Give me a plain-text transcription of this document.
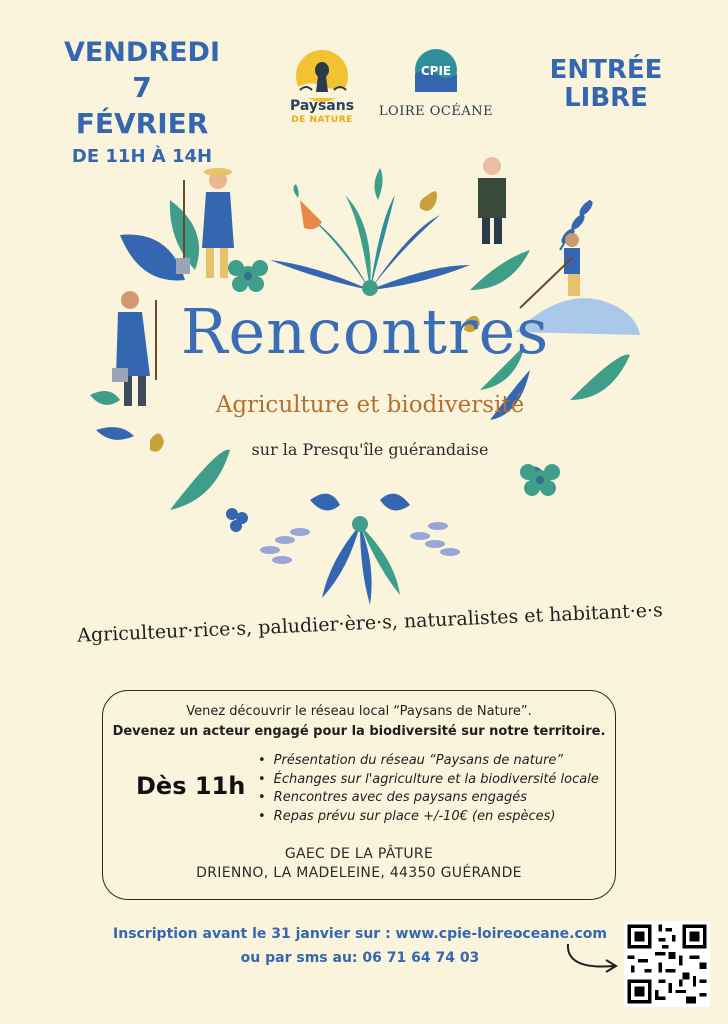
VENDREDI
7 FÉVRIER
DE 11H À 14H
ENTRÉE
LIBRE
Paysans
DE NATURE
CPIE
LOIRE OCÉANE
Rencontres
Agriculture et biodiversité
sur la Presqu'île guérandaise
Agriculteur·rice·s, paludier·ère·s, naturalistes et habitant·e·s
Venez découvrir le réseau local “Paysans de Nature”.
Devenez un acteur engagé pour la biodiversité sur notre territoire.
Dès 11h
• Présentation du réseau “Paysans de nature”
• Échanges sur l'agriculture et la biodiversité locale
• Rencontres avec des paysans engagés
• Repas prévu sur place +/-10€ (en espèces)
GAEC DE LA PÂTURE
DRIENNO, LA MADELEINE, 44350 GUÉRANDE
Inscription avant le 31 janvier sur : www.cpie-loireoceane.com
ou par sms au: 06 71 64 74 03
